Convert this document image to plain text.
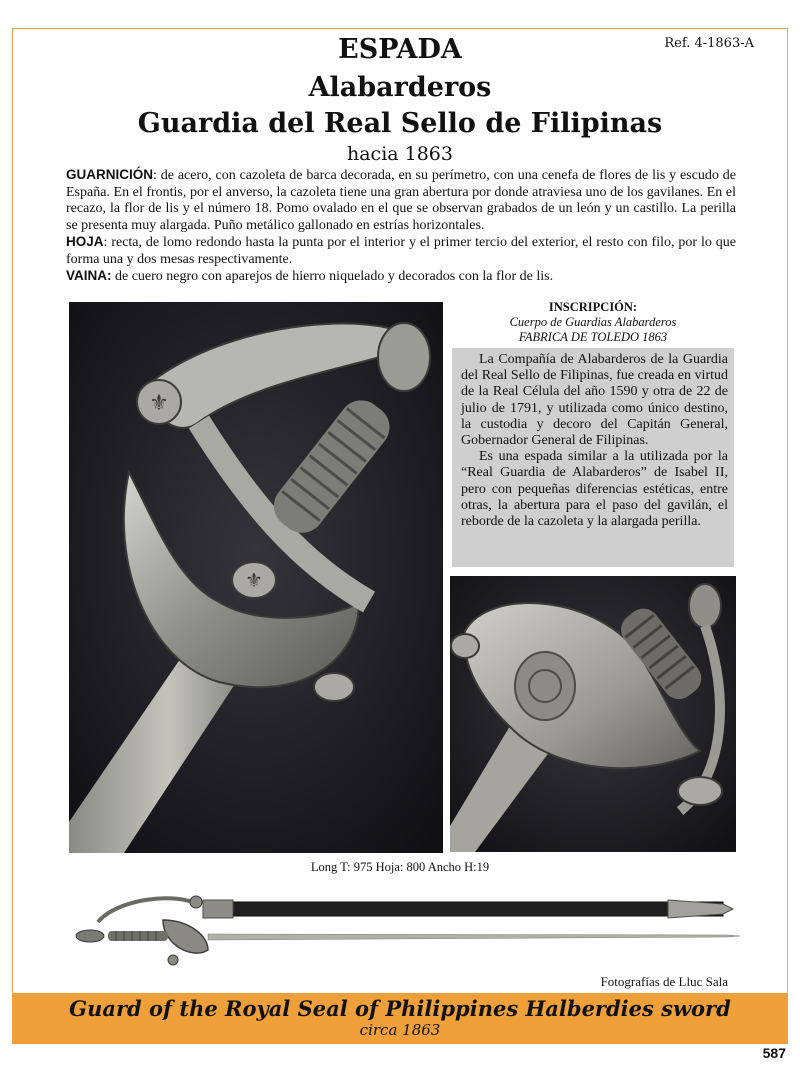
Ref. 4-1863-A
ESPADA
Alabarderos
Guardia del Real Sello de Filipinas
hacia 1863

GUARNICIÓN: de acero, con cazoleta de barca decorada, en su perímetro, con una cenefa de flores de lis y escudo de España. En el frontis, por el anverso, la cazoleta tiene una gran abertura por donde atraviesa uno de los gavilanes. En el recazo, la flor de lis y el número 18. Pomo ovalado en el que se observan grabados de un león y un castillo. La perilla se presenta muy alargada. Puño metálico gallonado en estrías horizontales.

HOJA: recta, de lomo redondo hasta la punta por el interior y el primer tercio del exterior, el resto con filo, por lo que forma una y dos mesas respectivamente.

VAINA: de cuero negro con aparejos de hierro niquelado y decorados con la flor de lis.

⚜
⚜
INSCRIPCIÓN:
Cuerpo de Guardias Alabarderos
FABRICA DE TOLEDO 1863

La Compañía de Alabarderos de la Guardia del Real Sello de Filipinas, fue creada en virtud de la Real Célula del año 1590 y otra de 22 de julio de 1791, y utilizada como único destino, la custodia y decoro del Capitán General, Gobernador General de Filipinas.

Es una espada similar a la utilizada por la “Real Guardia de Alabarderos” de Isabel II, pero con pequeñas diferencias estéticas, entre otras, la abertura para el paso del gavilán, el reborde de la cazoleta y la alargada perilla.

Long T: 975 Hoja: 800 Ancho H:19
Fotografías de Lluc Sala
Guard of the Royal Seal of Philippines Halberdies sword
circa 1863
587
